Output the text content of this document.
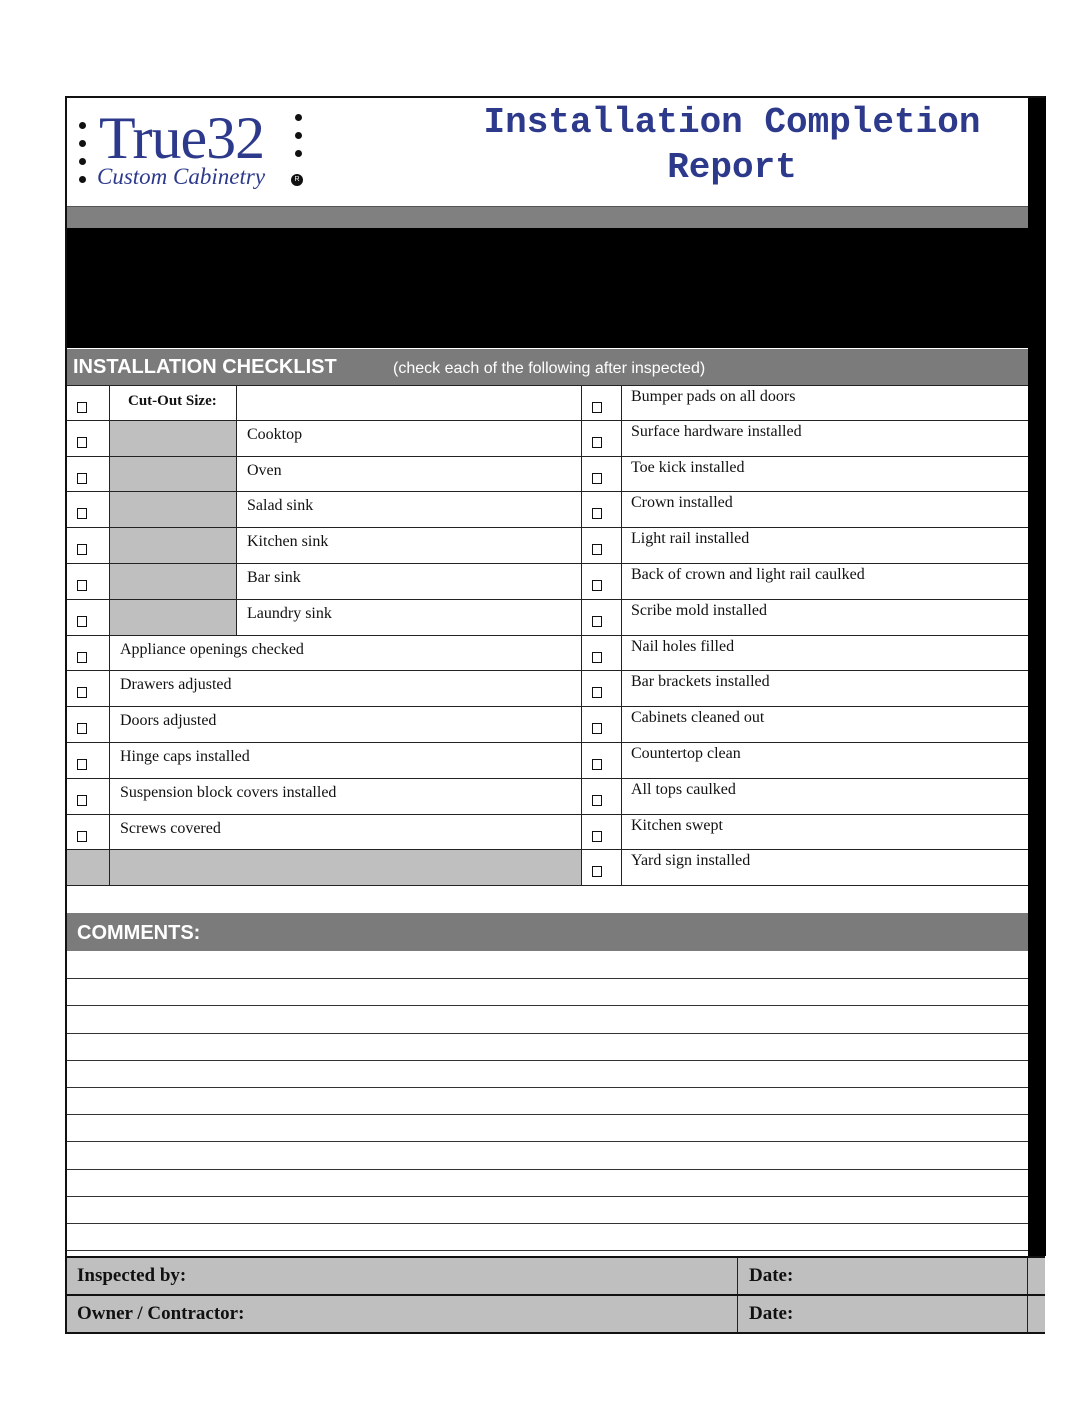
True32
Custom Cabinetry	R
Installation Completion
Report
INSTALLATION CHECKLIST	(check each of the following after inspected)
Cut-Out Size:	Bumper pads on all doors
Cooktop	Surface hardware installed
Oven	Toe kick installed
Salad sink	Crown installed
Kitchen sink	Light rail installed
Bar sink	Back of crown and light rail caulked
Laundry sink	Scribe mold installed
Appliance openings checked	Nail holes filled
Drawers adjusted	Bar brackets installed
Doors adjusted	Cabinets cleaned out
Hinge caps installed	Countertop clean
Suspension block covers installed	All tops caulked
Screws covered	Kitchen swept
Yard sign installed
COMMENTS:
Inspected by:	Date:
Owner / Contractor:	Date:
